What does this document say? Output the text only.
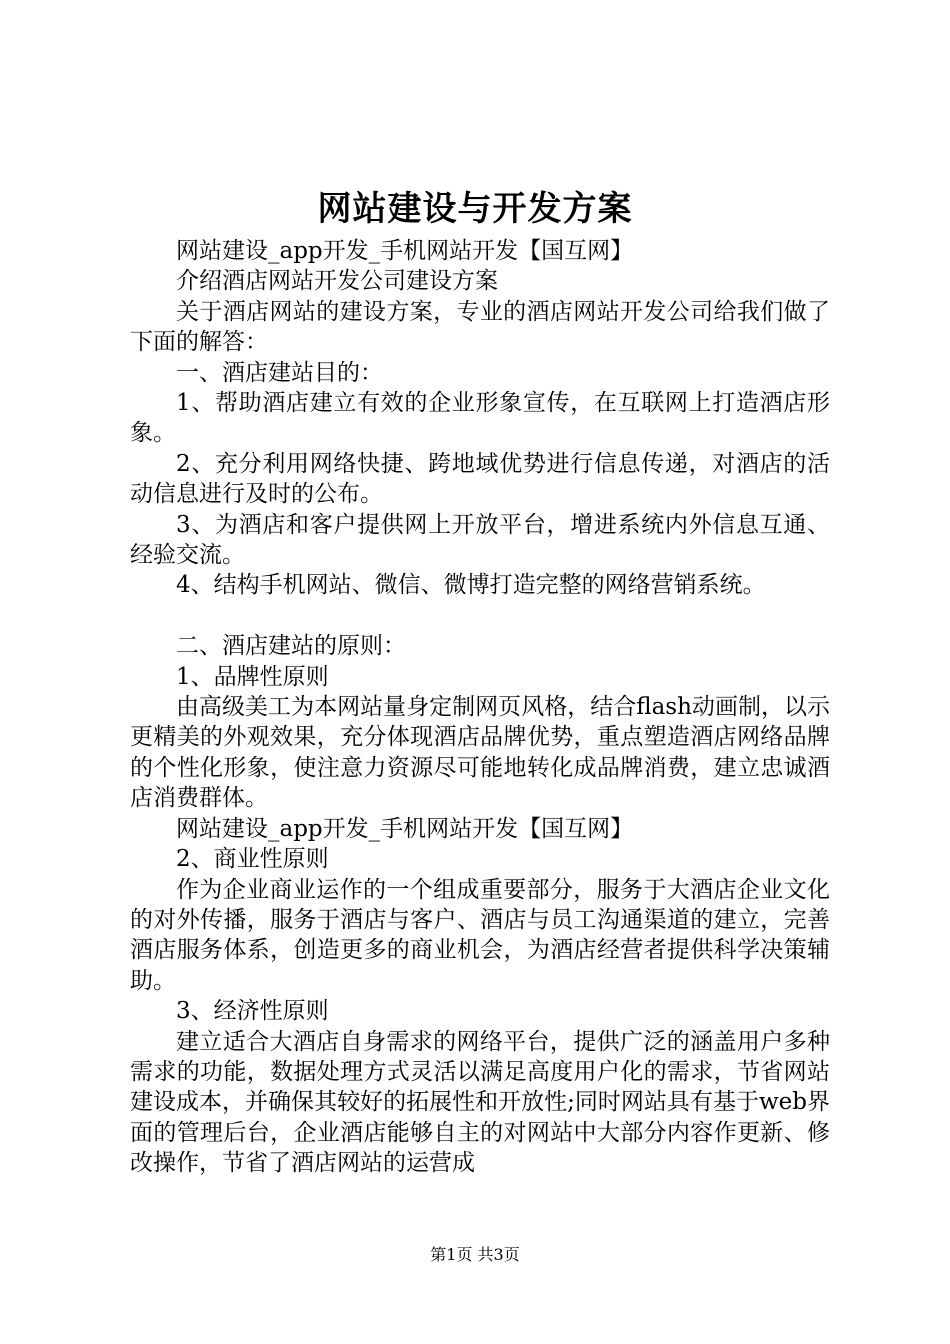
网站建设与开发方案

网站建设_app开发_手机网站开发【国互网】

介绍酒店网站开发公司建设方案

关于酒店网站的建设方案，专业的酒店网站开发公司给我们做了下面的解答：

一、酒店建站目的：

1、帮助酒店建立有效的企业形象宣传，在互联网上打造酒店形象。

2、充分利用网络快捷、跨地域优势进行信息传递，对酒店的活动信息进行及时的公布。

3、为酒店和客户提供网上开放平台，增进系统内外信息互通、经验交流。

4、结构手机网站、微信、微博打造完整的网络营销系统。

二、酒店建站的原则：

1、品牌性原则

由高级美工为本网站量身定制网页风格，结合flash动画制，以示更精美的外观效果，充分体现酒店品牌优势，重点塑造酒店网络品牌的个性化形象，使注意力资源尽可能地转化成品牌消费，建立忠诚酒店消费群体。

网站建设_app开发_手机网站开发【国互网】

2、商业性原则

作为企业商业运作的一个组成重要部分，服务于大酒店企业文化的对外传播，服务于酒店与客户、酒店与员工沟通渠道的建立，完善酒店服务体系，创造更多的商业机会，为酒店经营者提供科学决策辅助。

3、经济性原则

建立适合大酒店自身需求的网络平台，提供广泛的涵盖用户多种需求的功能，数据处理方式灵活以满足高度用户化的需求，节省网站建设成本，并确保其较好的拓展性和开放性;同时网站具有基于web界面的管理后台，企业酒店能够自主的对网站中大部分内容作更新、修改操作，节省了酒店网站的运营成

第1页 共3页
